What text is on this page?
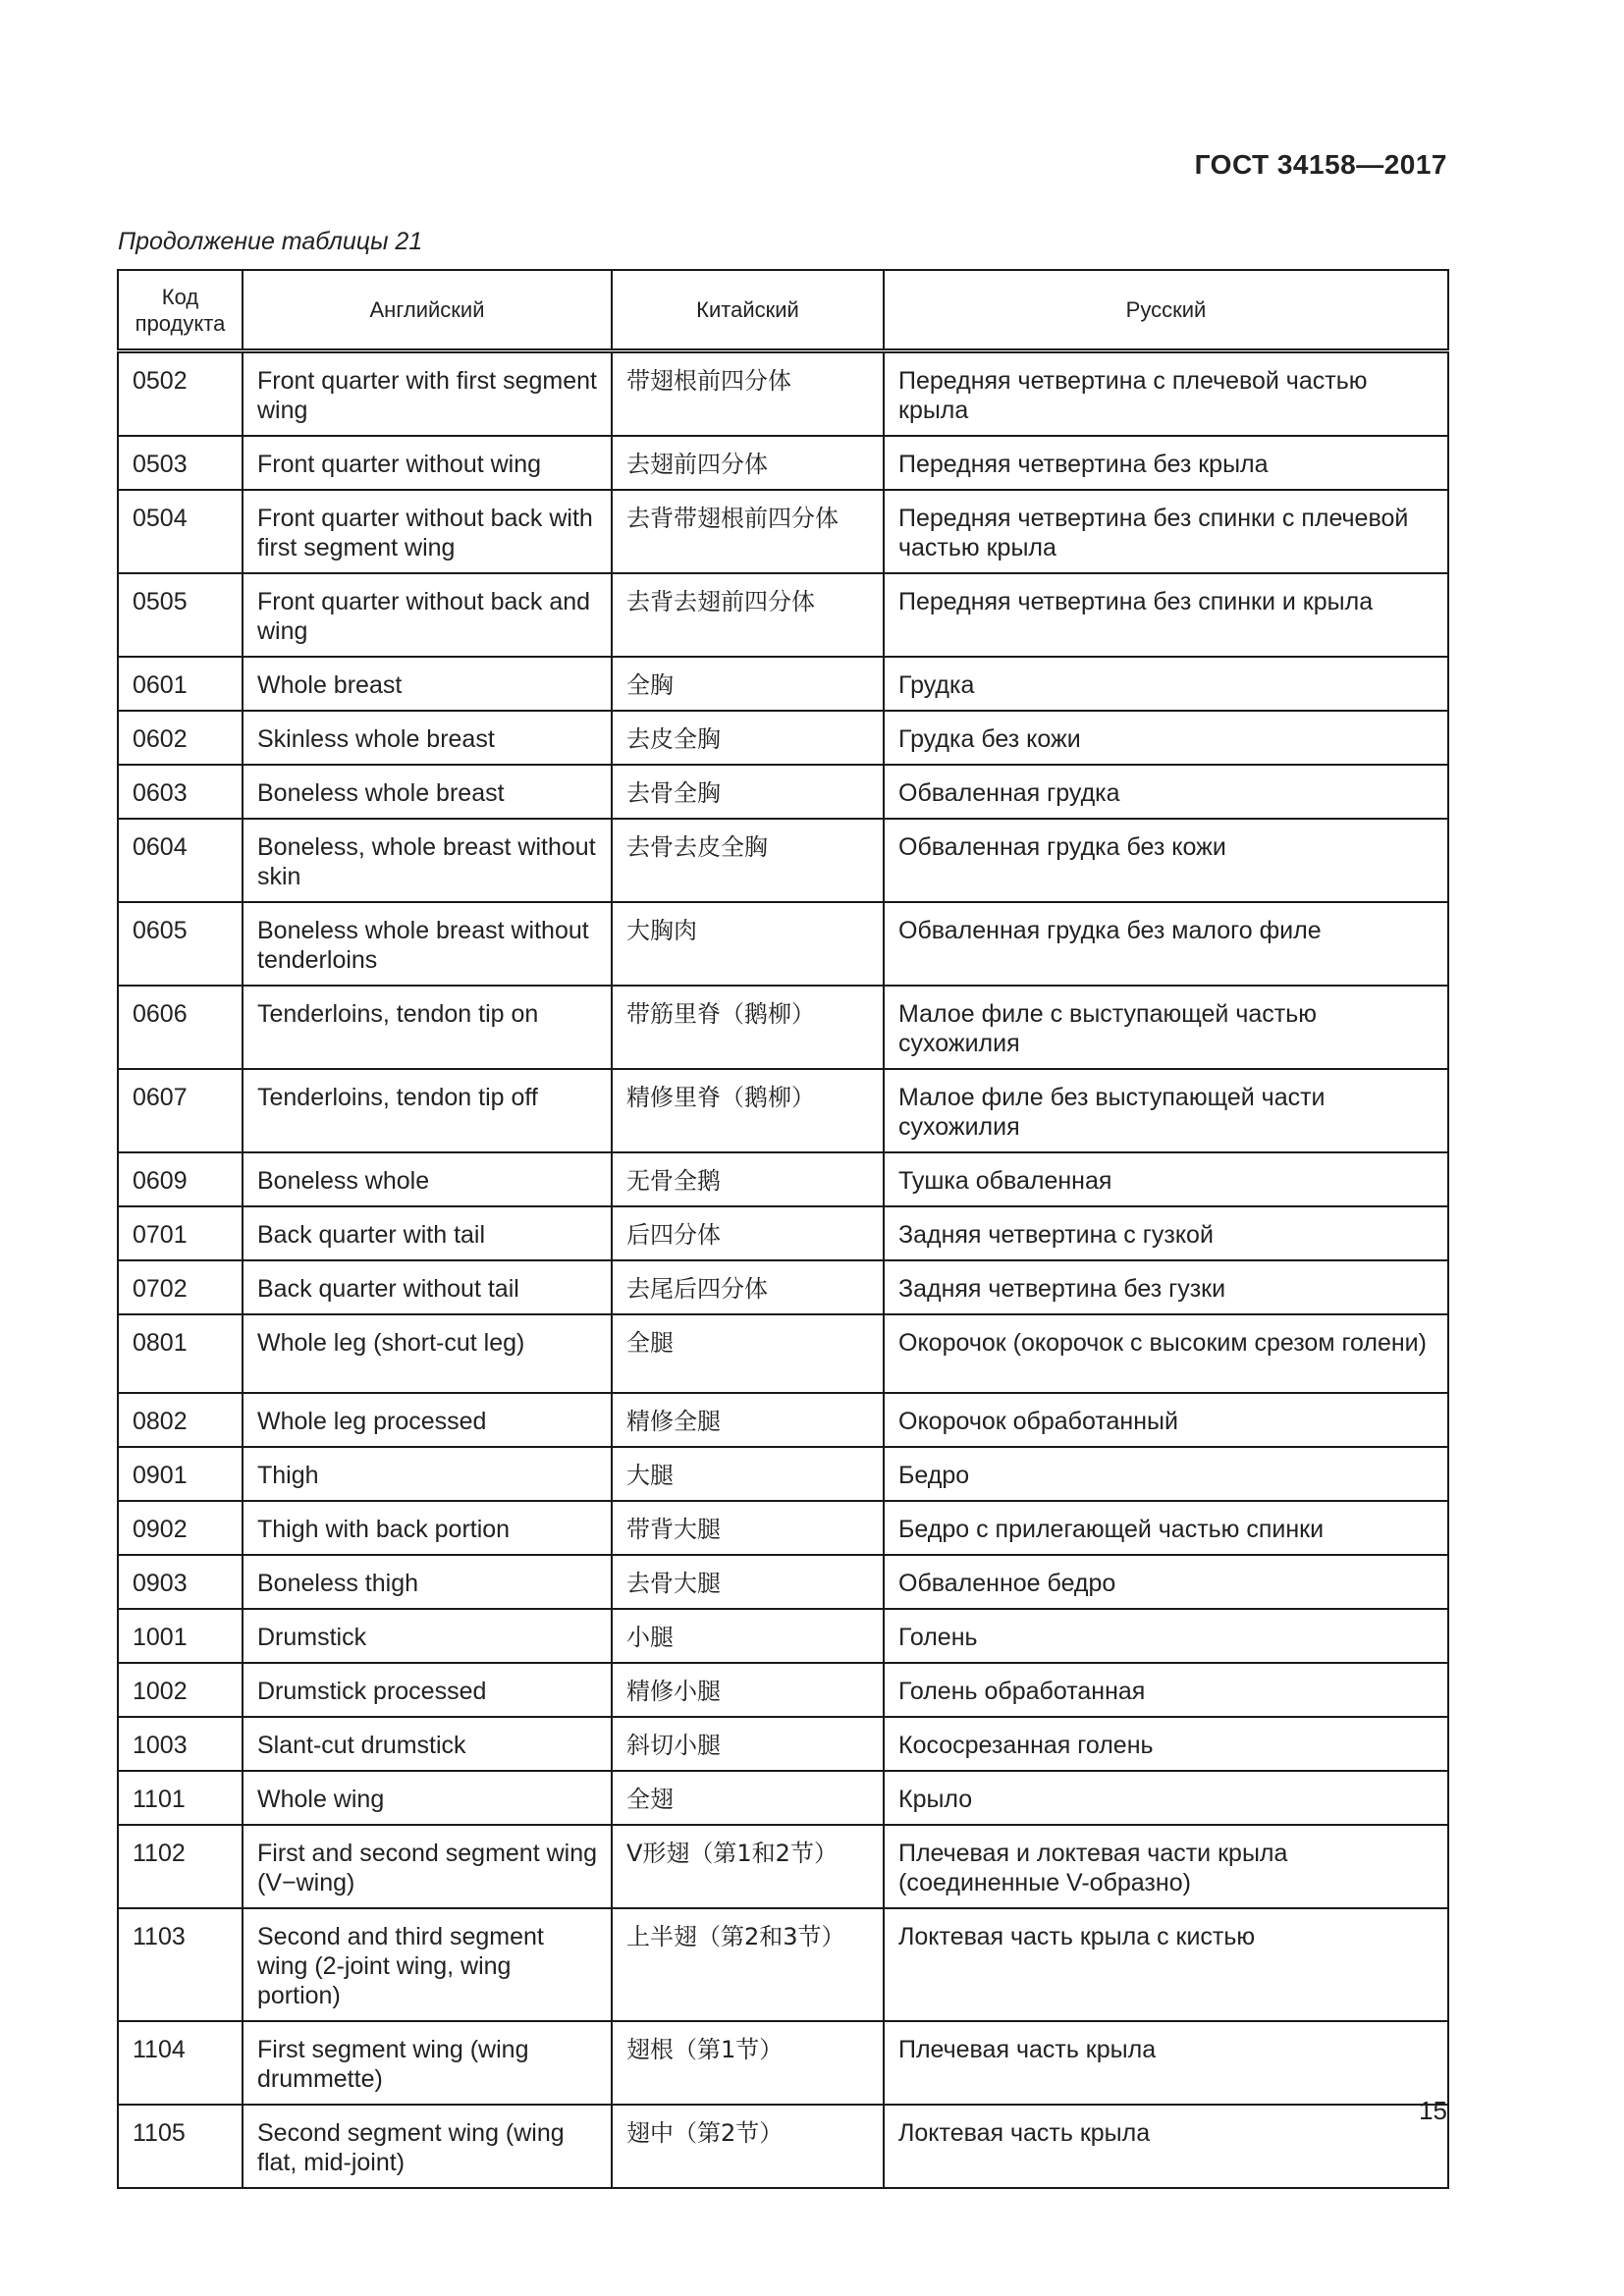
ГОСТ 34158—2017
Продолжение таблицы 21
Код продукта	Английский	Китайский	Русский
0502	Front quarter with first segment wing	带翅根前四分体	Передняя четвертина с плечевой частью крыла
0503	Front quarter without wing	去翅前四分体	Передняя четвертина без крыла
0504	Front quarter without back with first segment wing	去背带翅根前四分体	Передняя четвертина без спинки с плечевой частью крыла
0505	Front quarter without back and wing	去背去翅前四分体	Передняя четвертина без спинки и крыла
0601	Whole breast	全胸	Грудка
0602	Skinless whole breast	去皮全胸	Грудка без кожи
0603	Boneless whole breast	去骨全胸	Обваленная грудка
0604	Boneless, whole breast without skin	去骨去皮全胸	Обваленная грудка без кожи
0605	Boneless whole breast without tenderloins	大胸肉	Обваленная грудка без малого филе
0606	Tenderloins, tendon tip on	带筋里脊（鹅柳）	Малое филе с выступающей частью сухожилия
0607	Tenderloins, tendon tip off	精修里脊（鹅柳）	Малое филе без выступающей части сухожилия
0609	Boneless whole	无骨全鹅	Тушка обваленная
0701	Back quarter with tail	后四分体	Задняя четвертина с гузкой
0702	Back quarter without tail	去尾后四分体	Задняя четвертина без гузки
0801	Whole leg (short-cut leg)	全腿	Окорочок (окорочок с высоким срезом голени)
0802	Whole leg processed	精修全腿	Окорочок обработанный
0901	Thigh	大腿	Бедро
0902	Thigh with back portion	带背大腿	Бедро с прилегающей частью спинки
0903	Boneless thigh	去骨大腿	Обваленное бедро
1001	Drumstick	小腿	Голень
1002	Drumstick processed	精修小腿	Голень обработанная
1003	Slant-cut drumstick	斜切小腿	Кососрезанная голень
1101	Whole wing	全翅	Крыло
1102	First and second segment wing (V−wing)	V形翅（第1和2节）	Плечевая и локтевая части крыла (соединенные V-образно)
1103	Second and third segment wing (2-joint wing, wing portion)	上半翅（第2和3节）	Локтевая часть крыла с кистью
1104	First segment wing (wing drummette)	翅根（第1节）	Плечевая часть крыла
1105	Second segment wing (wing flat, mid-joint)	翅中（第2节）	Локтевая часть крыла
15
